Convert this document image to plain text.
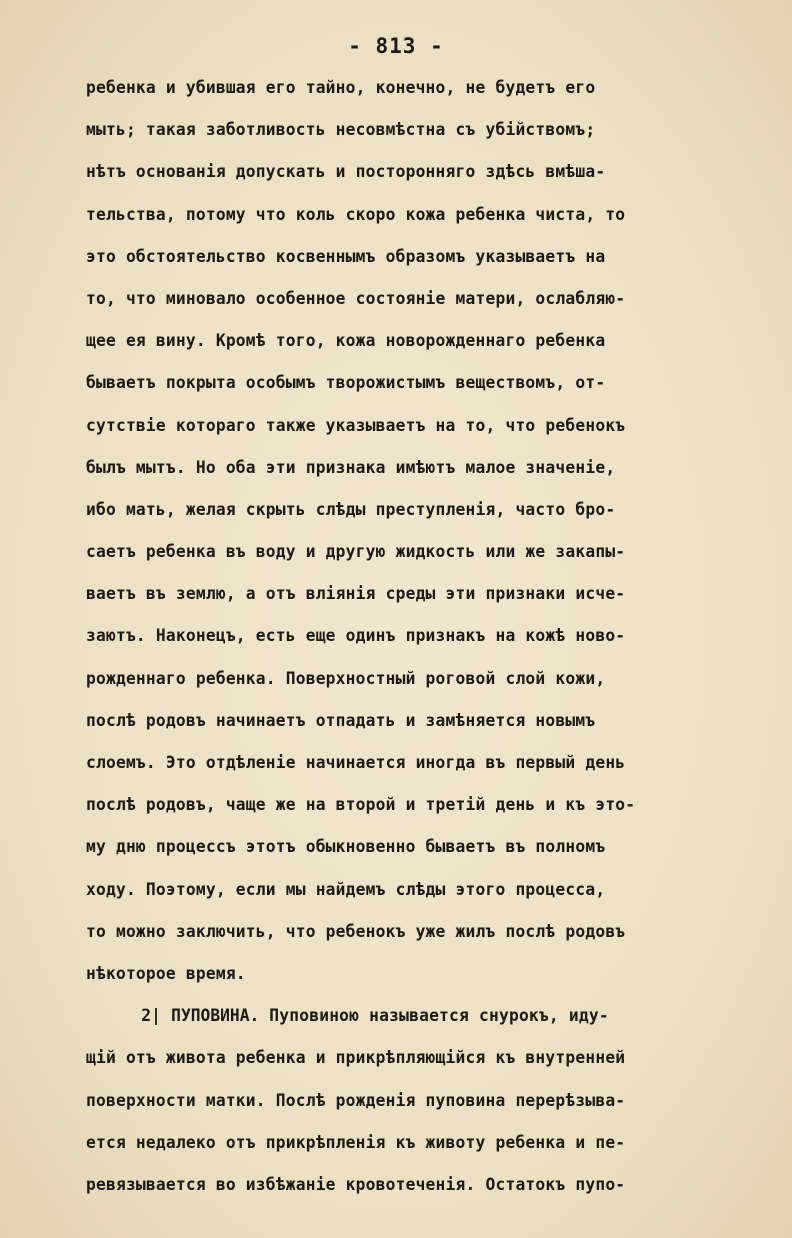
- 813 -
ребенка и убившая его тайно, конечно, не будетъ его
мыть; такая заботливость несовмѣстна съ убійствомъ;
нѣтъ основанія допускать и посторонняго здѣсь вмѣша-
тельства, потому что коль скоро кожа ребенка чиста, то
это обстоятельство косвеннымъ образомъ указываетъ на
то, что миновало особенное состояніе матери, ослабляю-
щее ея вину. Кромѣ того, кожа новорожденнаго ребенка
бываетъ покрыта особымъ творожистымъ веществомъ, от-
сутствіе котораго также указываетъ на то, что ребенокъ
былъ мытъ. Но оба эти признака имѣютъ малое значеніе,
ибо мать, желая скрыть слѣды преступленія, часто бро-
саетъ ребенка въ воду и другую жидкость или же закапы-
ваетъ въ землю, а отъ вліянія среды эти признаки исче-
заютъ. Наконецъ, есть еще одинъ признакъ на кожѣ ново-
рожденнаго ребенка. Поверхностный роговой слой кожи,
послѣ родовъ начинаетъ отпадать и замѣняется новымъ
слоемъ. Это отдѣленіе начинается иногда въ первый день
послѣ родовъ, чаще же на второй и третій день и къ это-
му дню процессъ этотъ обыкновенно бываетъ въ полномъ
ходу. Поэтому, если мы найдемъ слѣды этого процесса,
то можно заключить, что ребенокъ уже жилъ послѣ родовъ
нѣкоторое время.
2| ПУПОВИНА. Пуповиною называется снурокъ, иду-
щій отъ живота ребенка и прикрѣпляющійся къ внутренней
поверхности матки. Послѣ рожденія пуповина перерѣзыва-
ется недалеко отъ прикрѣпленія къ животу ребенка и пе-
ревязывается во избѣжаніе кровотеченія. Остатокъ пупо-
